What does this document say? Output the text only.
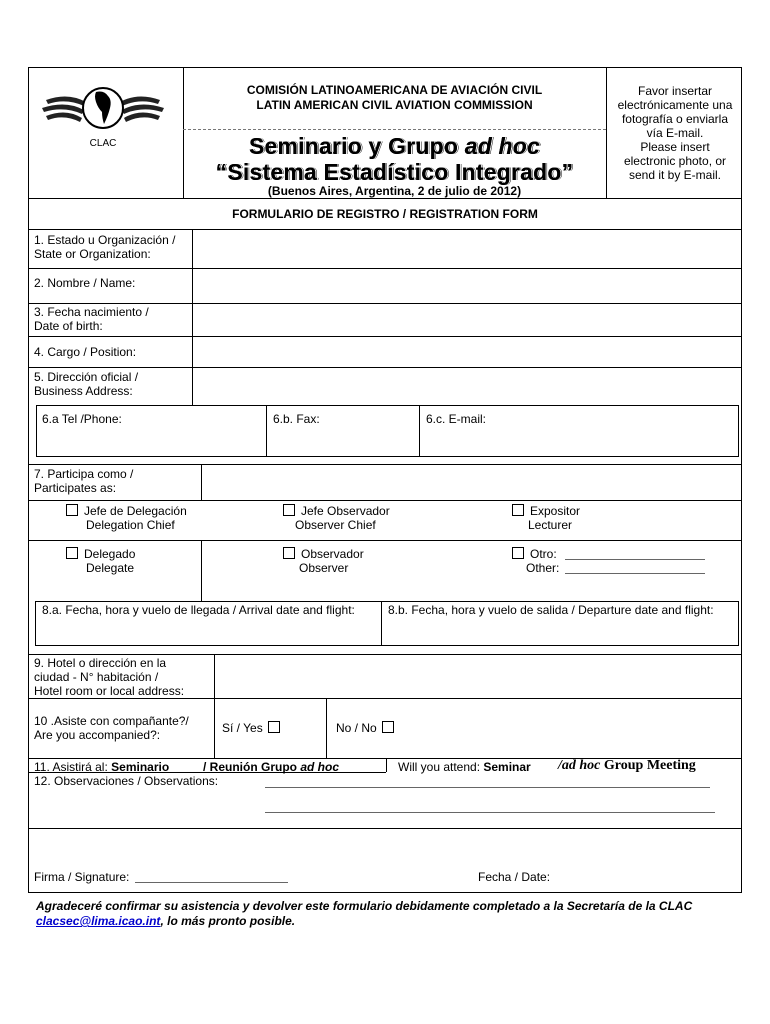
CLAC
COMISIÓN LATINOAMERICANA DE AVIACIÓN CIVIL
LATIN AMERICAN CIVIL AVIATION COMMISSION
Seminario y Grupo ad hoc
“Sistema Estadístico Integrado”
(Buenos Aires, Argentina, 2 de julio de 2012)
Favor insertar
electrónicamente una
fotografía o enviarla
vía E-mail.
Please insert
electronic photo, or
send it by E-mail.
FORMULARIO DE REGISTRO / REGISTRATION FORM
1. Estado u Organización /
State or Organization:
2. Nombre / Name:
3. Fecha nacimiento /
Date of birth:
4. Cargo / Position:
5. Dirección oficial /
Business Address:
6.a Tel /Phone:	6.b. Fax:	6.c. E-mail:
7. Participa como /
Participates as:
Jefe de Delegación
Delegation Chief
Jefe Observador
Observer Chief
Expositor
Lecturer
Delegado
Delegate
Observador
Observer
Otro:
Other:
8.a. Fecha, hora y vuelo de llegada / Arrival date and flight:	8.b. Fecha, hora y vuelo de salida / Departure date and flight:
9. Hotel o dirección en la
ciudad - N° habitación /
Hotel room or local address:
10 .Asiste con compañante?/
Are you accompanied?:	Sí / Yes	No / No
11. Asistirá al: Seminario	/ Reunión Grupo ad hoc	Will you attend: Seminar /ad hoc Group Meeting
12. Observaciones / Observations:
Firma / Signature:	Fecha / Date:
Agradeceré confirmar su asistencia y devolver este formulario debidamente completado a la Secretaría de la CLAC
clacsec@lima.icao.int, lo más pronto posible.
